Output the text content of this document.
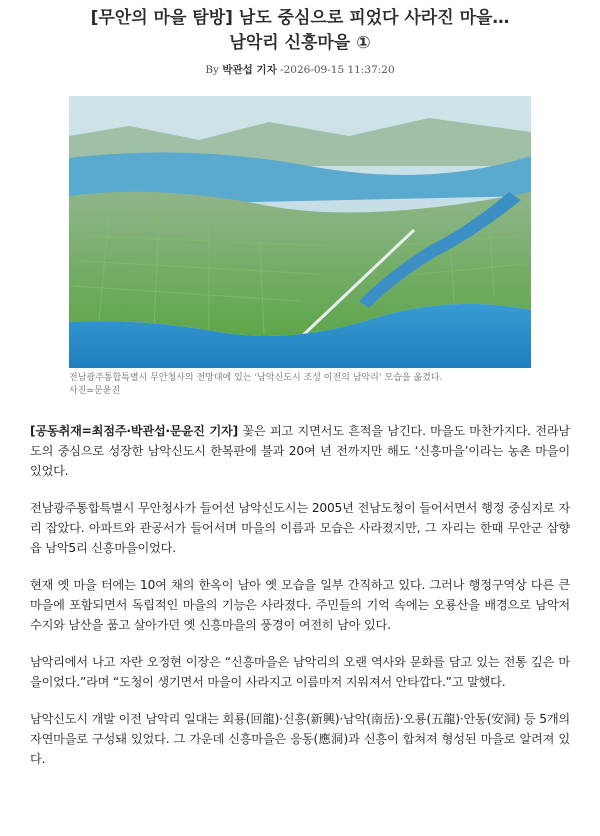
[무안의 마을 탐방] 남도 중심으로 피었다 사라진 마을…
남악리 신흥마을 ①
By 박관섭 기자 -2026-09-15 11:37:20
전남광주통합특별시 무안청사의 전망대에 있는 ‘남악신도시 조성 이전의 남악리’ 모습을 옮겼다.
사진=문윤진

[공동취재=최점주·박관섭·문윤진 기자] 꽃은 피고 지면서도 흔적을 남긴다. 마을도 마찬가지다. 전라남도의 중심으로 성장한 남악신도시 한복판에 불과 20여 년 전까지만 해도 ‘신흥마을’이라는 농촌 마을이 있었다.

전남광주통합특별시 무안청사가 들어선 남악신도시는 2005년 전남도청이 들어서면서 행정 중심지로 자리 잡았다. 아파트와 관공서가 들어서며 마을의 이름과 모습은 사라졌지만, 그 자리는 한때 무안군 삼향읍 남악5리 신흥마을이었다.

현재 옛 마을 터에는 10여 채의 한옥이 남아 옛 모습을 일부 간직하고 있다. 그러나 행정구역상 다른 큰 마을에 포함되면서 독립적인 마을의 기능은 사라졌다. 주민들의 기억 속에는 오룡산을 배경으로 남악저수지와 남산을 품고 살아가던 옛 신흥마을의 풍경이 여전히 남아 있다.

남악리에서 나고 자란 오정현 이장은 “신흥마을은 남악리의 오랜 역사와 문화를 담고 있는 전통 깊은 마을이었다.”라며 “도청이 생기면서 마을이 사라지고 이름마저 지워져서 안타깝다.”고 말했다.

남악신도시 개발 이전 남악리 일대는 회룡(回龍)·신흥(新興)·남악(南岳)·오룡(五龍)·안동(安洞) 등 5개의 자연마을로 구성돼 있었다. 그 가운데 신흥마을은 응동(應洞)과 신흥이 합쳐져 형성된 마을로 알려져 있다.
